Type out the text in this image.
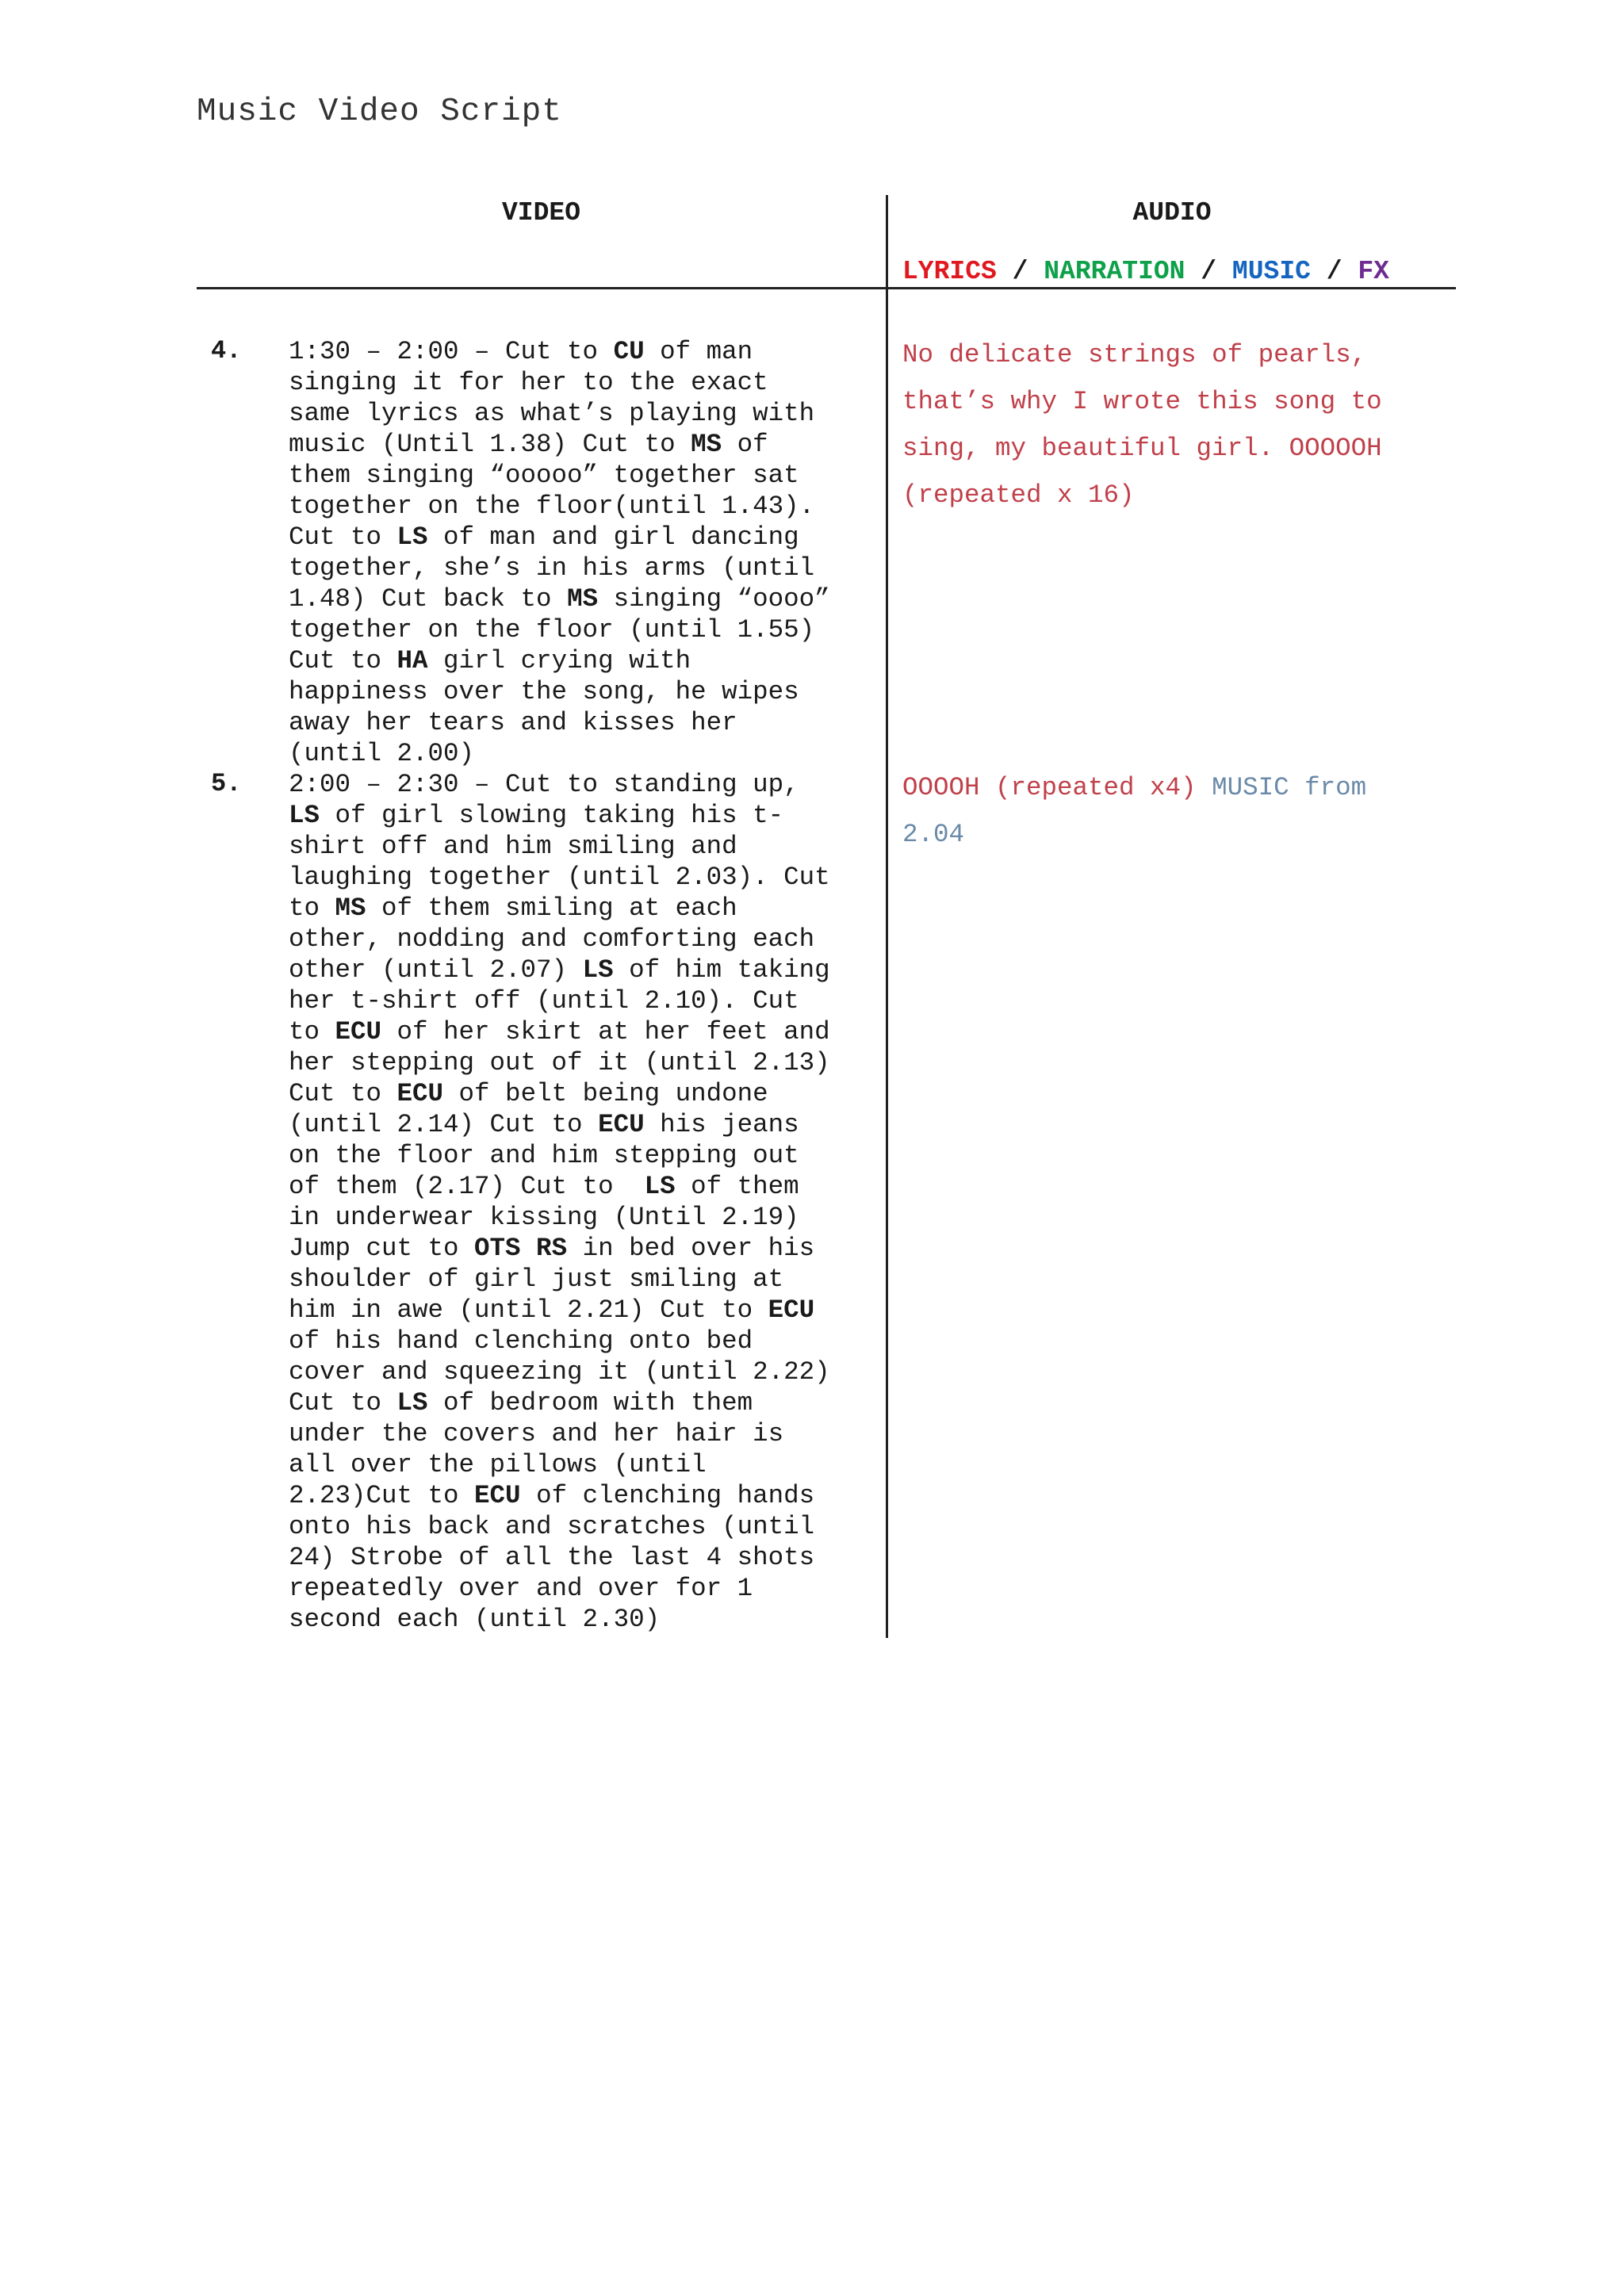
Music Video Script
VIDEO	AUDIO
LYRICS / NARRATION / MUSIC / FX
4. 1:30 – 2:00 – Cut to CU of man
singing it for her to the exact
same lyrics as what’s playing with
music (Until 1.38) Cut to MS of
them singing “ooooo” together sat
together on the floor(until 1.43).
Cut to LS of man and girl dancing
together, she’s in his arms (until
1.48) Cut back to MS singing “oooo”
together on the floor (until 1.55)
Cut to HA girl crying with
happiness over the song, he wipes
away her tears and kisses her
(until 2.00)
No delicate strings of pearls,
that’s why I wrote this song to
sing, my beautiful girl. OOOOOH
(repeated x 16)
5. 2:00 – 2:30 – Cut to standing up,
LS of girl slowing taking his t-
shirt off and him smiling and
laughing together (until 2.03). Cut
to MS of them smiling at each
other, nodding and comforting each
other (until 2.07) LS of him taking
her t-shirt off (until 2.10). Cut
to ECU of her skirt at her feet and
her stepping out of it (until 2.13)
Cut to ECU of belt being undone
(until 2.14) Cut to ECU his jeans
on the floor and him stepping out
of them (2.17) Cut to  LS of them
in underwear kissing (Until 2.19)
Jump cut to OTS RS in bed over his
shoulder of girl just smiling at
him in awe (until 2.21) Cut to ECU
of his hand clenching onto bed
cover and squeezing it (until 2.22)
Cut to LS of bedroom with them
under the covers and her hair is
all over the pillows (until
2.23)Cut to ECU of clenching hands
onto his back and scratches (until
24) Strobe of all the last 4 shots
repeatedly over and over for 1
second each (until 2.30)
OOOOH (repeated x4) MUSIC from
2.04
